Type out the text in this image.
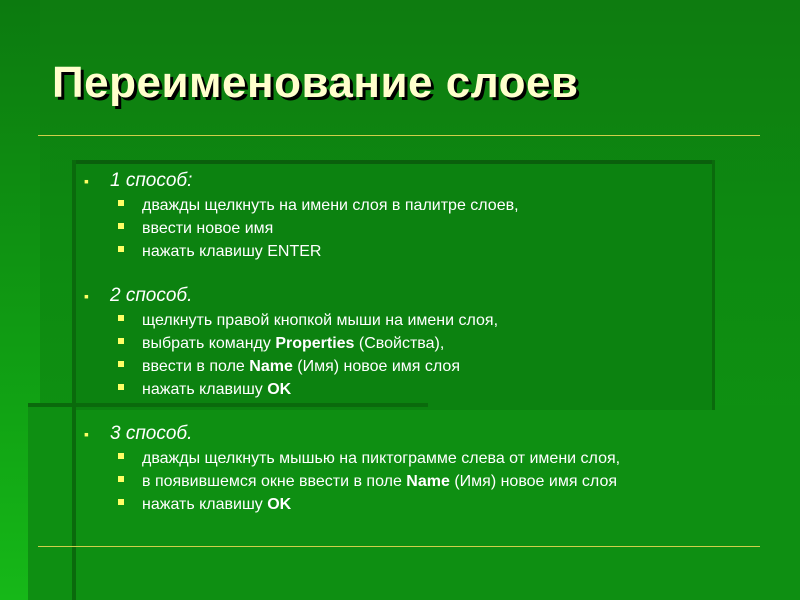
Переименование слоев
▪ 1 способ:
дважды щелкнуть на имени слоя в палитре слоев,
ввести новое имя
нажать клавишу ENTER
▪ 2 способ.
щелкнуть правой кнопкой мыши на имени слоя,
выбрать команду Properties (Свойства),
ввести в поле Name (Имя) новое имя слоя
нажать клавишу OK
▪ 3 способ.
дважды щелкнуть мышью на пиктограмме слева от имени слоя,
в появившемся окне ввести в поле Name (Имя) новое имя слоя
нажать клавишу OK
